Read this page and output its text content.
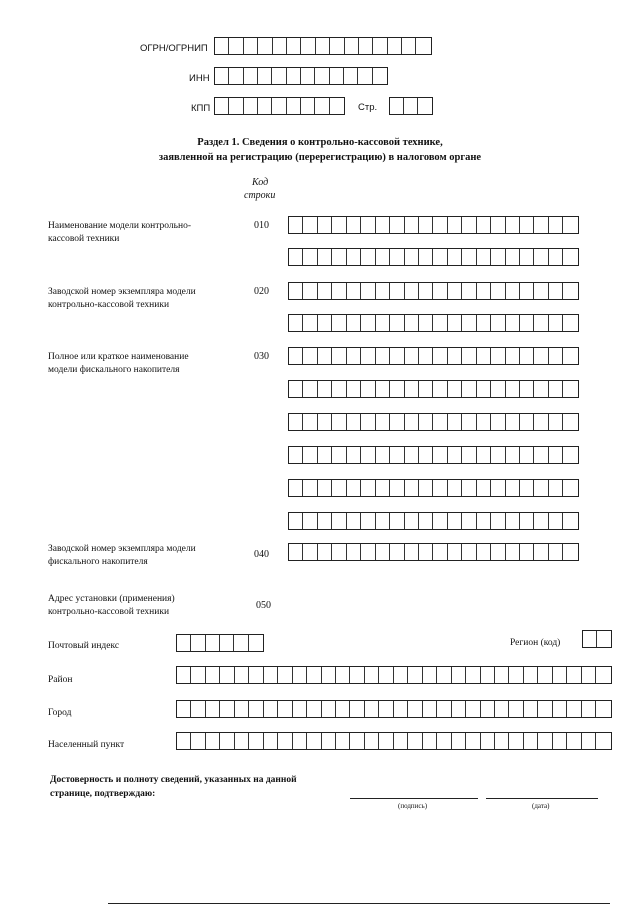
ОГРН/ОГРНИП
ИНН
КПП	Стр.
Раздел 1. Сведения о контрольно-кассовой технике,
заявленной на регистрацию (перерегистрацию) в налоговом органе
Код
строки
Наименование модели контрольно-
кассовой техники
010
Заводской номер экземпляра модели
контрольно-кассовой техники
020
Полное или краткое наименование
модели фискального накопителя
030
Заводской номер экземпляра модели
фискального накопителя
040
Адрес установки (применения)
контрольно-кассовой техники
050
Почтовый индекс	Регион (код)
Район
Город
Населенный пункт
Достоверность и полноту сведений, указанных на данной
странице, подтверждаю:
(подпись)	(дата)
